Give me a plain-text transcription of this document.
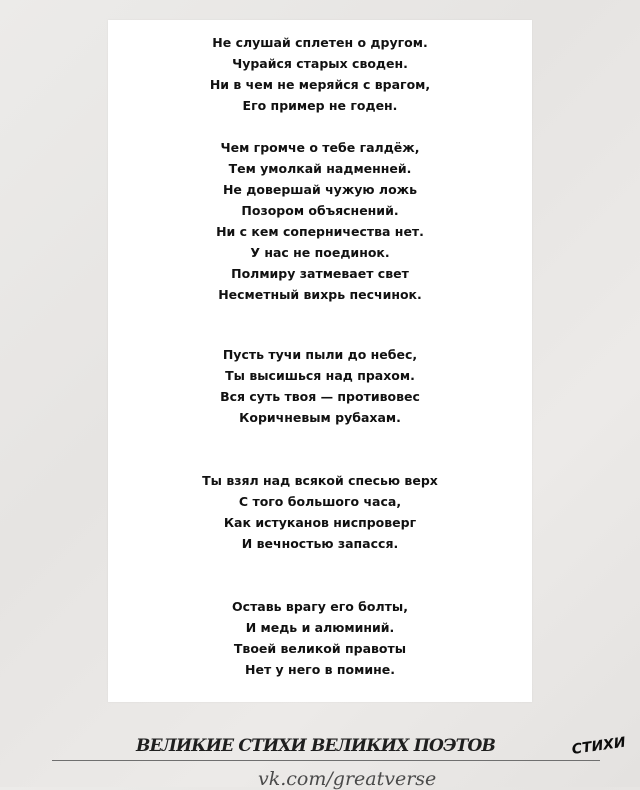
Не слушай сплетен о другом.
Чурайся старых своден.
Ни в чем не меряйся с врагом,
Его пример не годен.
Чем громче о тебе галдёж,
Тем умолкай надменней.
Не довершай чужую ложь
Позором объяснений.
Ни с кем соперничества нет.
У нас не поединок.
Полмиру затмевает свет
Несметный вихрь песчинок.
Пусть тучи пыли до небес,
Ты высишься над прахом.
Вся суть твоя — противовес
Коричневым рубахам.
Ты взял над всякой спесью верх
С того большого часа,
Как истуканов ниспроверг
И вечностью запасся.
Оставь врагу его болты,
И медь и алюминий.
Твоей великой правоты
Нет у него в помине.
ВЕЛИКИЕ СТИХИ ВЕЛИКИХ ПОЭТОВ	СТИХИ
vk.com/greatverse
